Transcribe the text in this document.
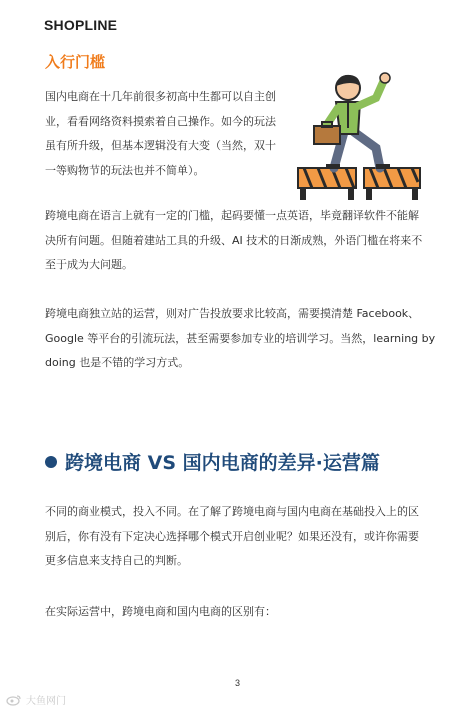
SHOPLINE
入行门槛
国内电商在十几年前很多初高中生都可以自主创
业，看看网络资料摸索着自己操作。如今的玩法
虽有所升级，但基本逻辑没有大变（当然，双十
一等购物节的玩法也并不简单）。
跨境电商在语言上就有一定的门槛，起码要懂一点英语，毕竟翻译软件不能解
决所有问题。但随着建站工具的升级、AI 技术的日渐成熟，外语门槛在将来不
至于成为大问题。
跨境电商独立站的运营，则对广告投放要求比较高，需要摸清楚 Facebook、
Google 等平台的引流玩法，甚至需要参加专业的培训学习。当然，learning by
doing 也是不错的学习方式。
跨境电商 VS 国内电商的差异·运营篇
不同的商业模式，投入不同。在了解了跨境电商与国内电商在基础投入上的区
别后，你有没有下定决心选择哪个模式开启创业呢？如果还没有，或许你需要
更多信息来支持自己的判断。
在实际运营中，跨境电商和国内电商的区别有：
3
大鱼网门
